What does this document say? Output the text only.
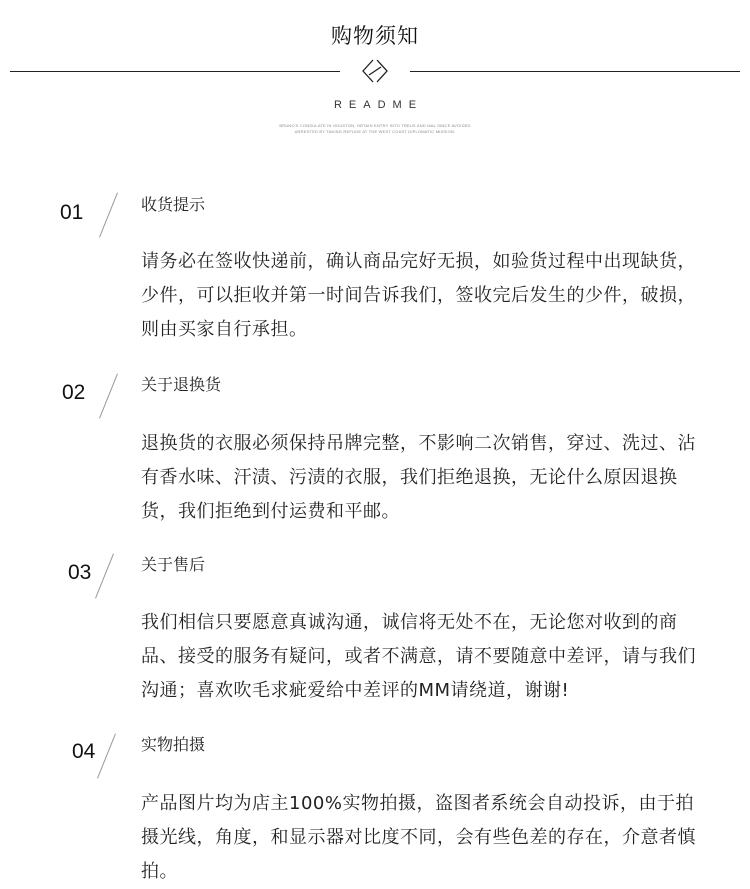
购物须知
README
BRUNO'S CONSULATE IN HOUSTON, OBTAIN ENTRY INTO TREUS AND MAL SINCE AVOIDED
ARRESTED BY TAKING REFUGE AT THE WEST COAST DIPLOMATIC MISSION.
01	收货提示
请务必在签收快递前，确认商品完好无损，如验货过程中出现缺货，少件，可以拒收并第一时间告诉我们，签收完后发生的少件，破损，则由买家自行承担。
02	关于退换货
退换货的衣服必须保持吊牌完整，不影响二次销售，穿过、洗过、沾有香水味、汗渍、污渍的衣服，我们拒绝退换，无论什么原因退换货，我们拒绝到付运费和平邮。
03	关于售后
我们相信只要愿意真诚沟通，诚信将无处不在，无论您对收到的商品、接受的服务有疑问，或者不满意，请不要随意中差评，请与我们沟通；喜欢吹毛求疵爱给中差评的MM请绕道，谢谢!
04	实物拍摄
产品图片均为店主100%实物拍摄，盗图者系统会自动投诉，由于拍摄光线，角度，和显示器对比度不同，会有些色差的存在，介意者慎拍。
